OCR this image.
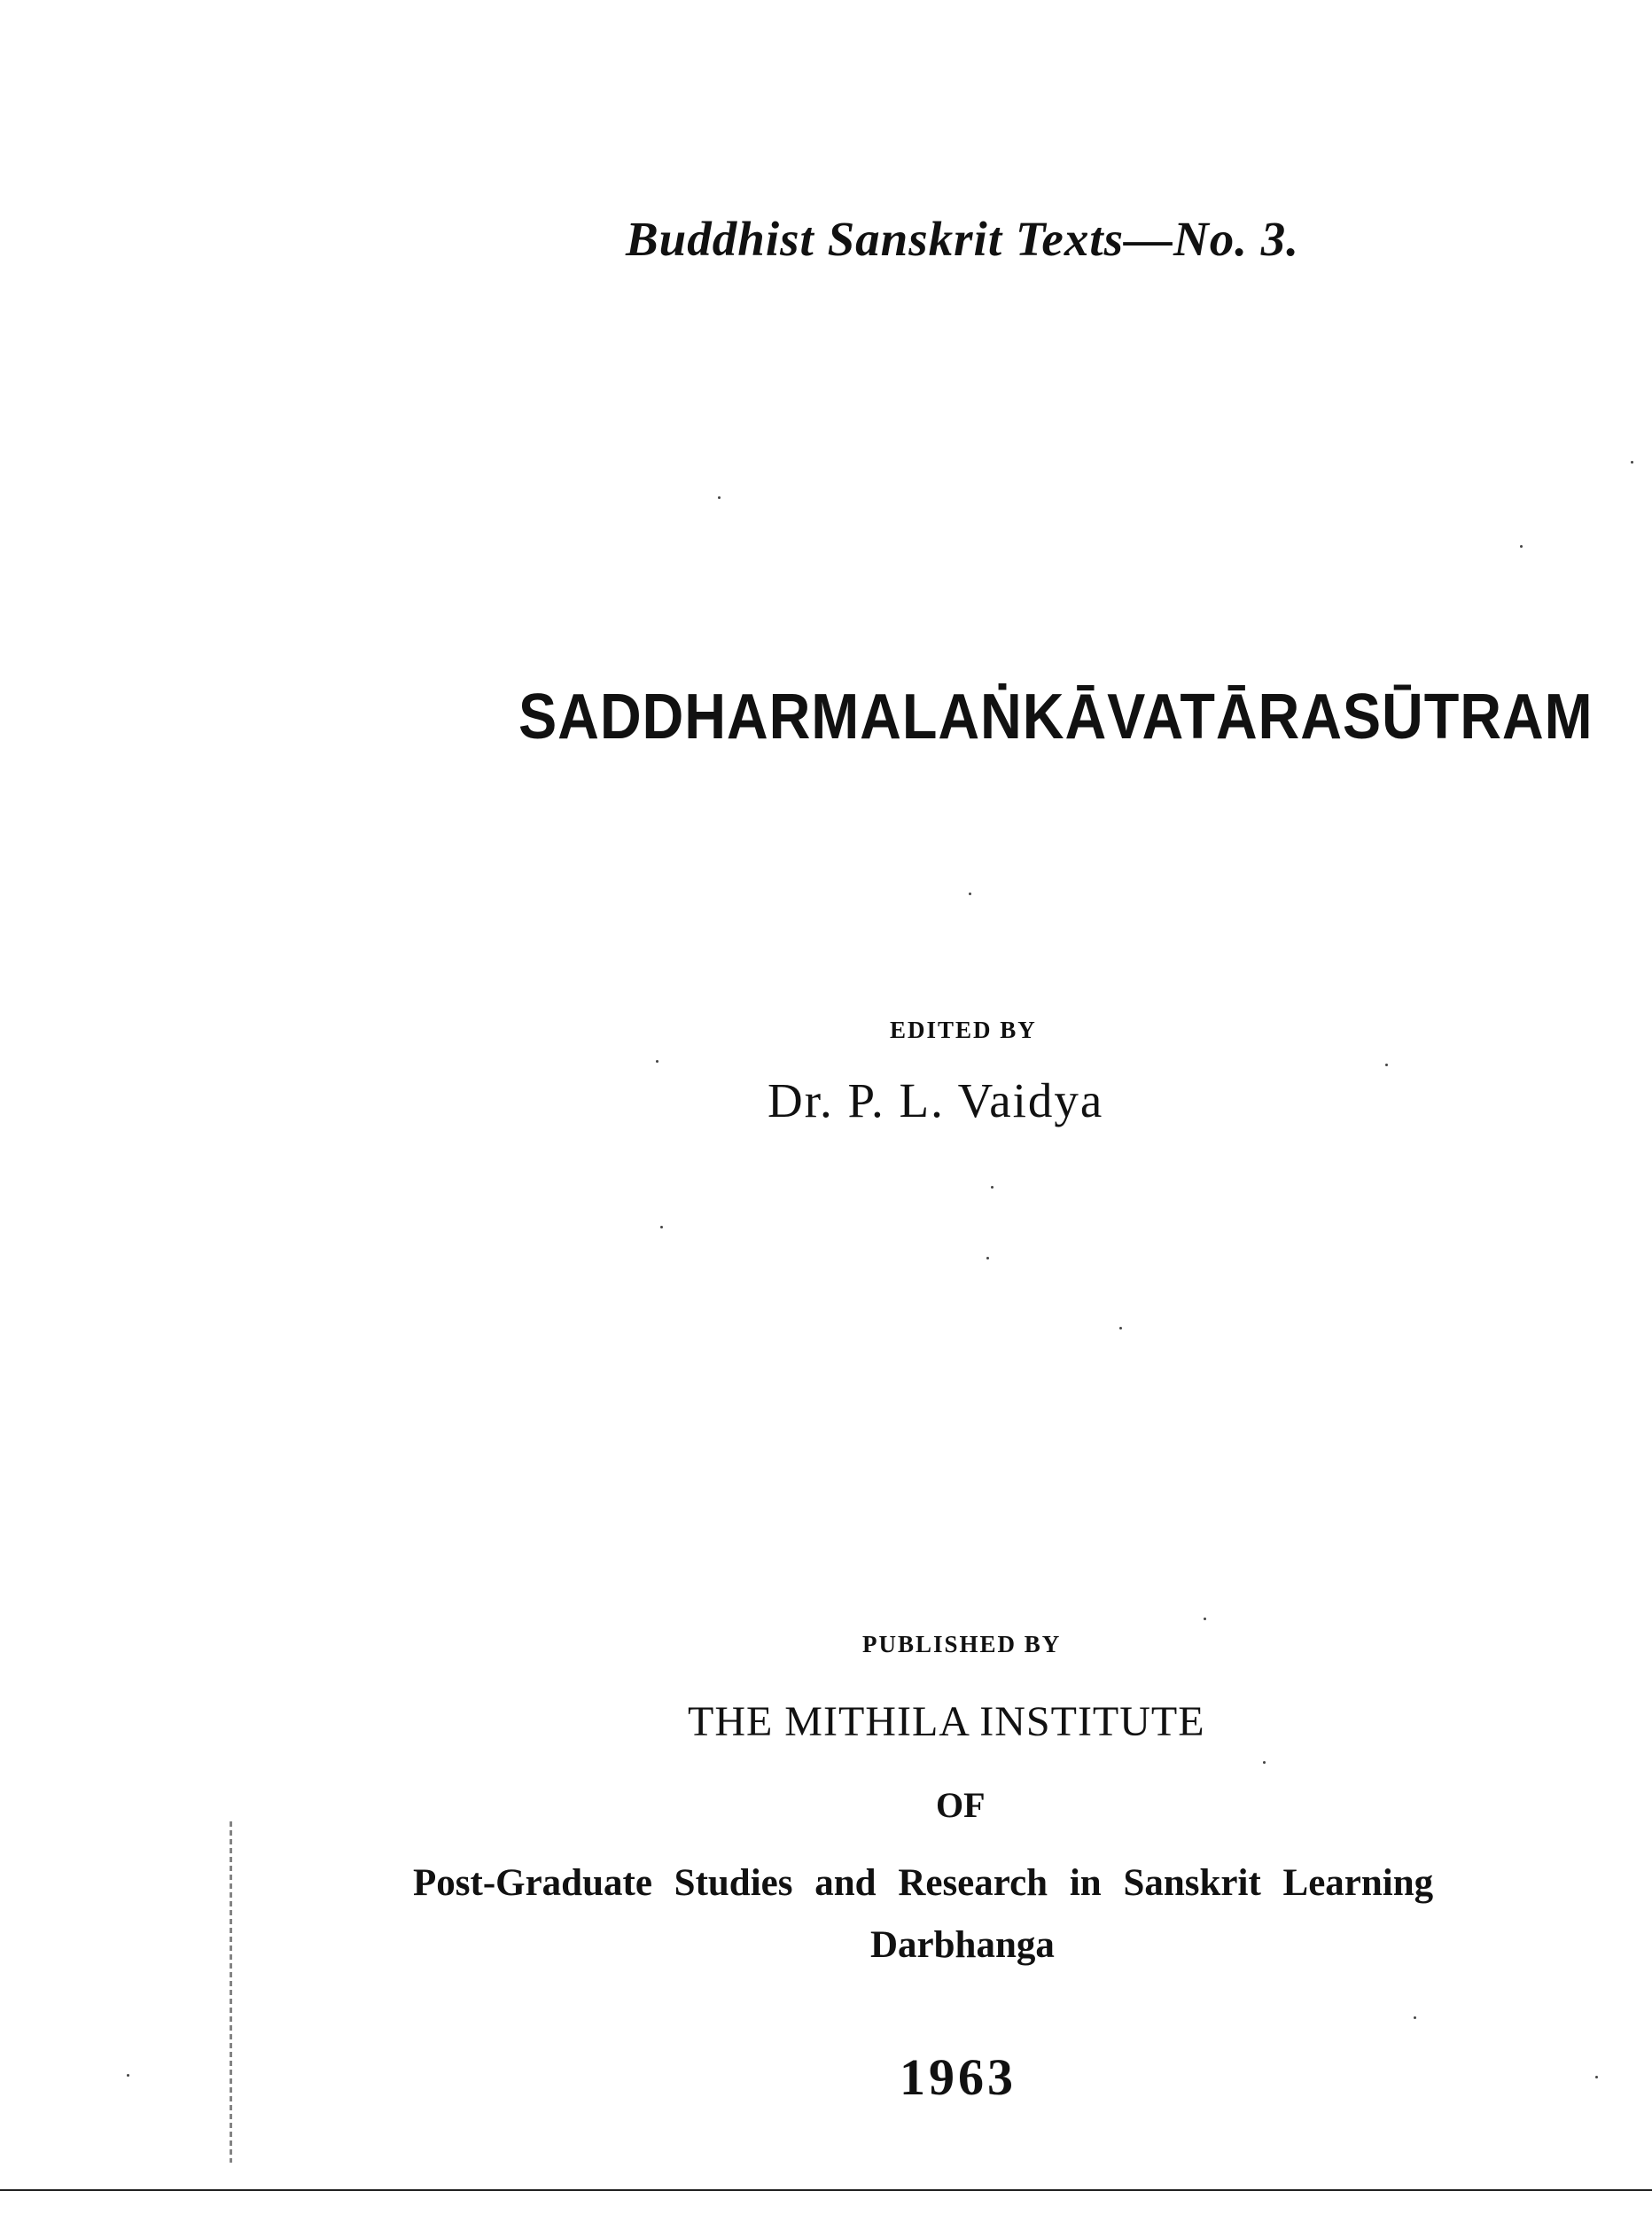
Buddhist Sanskrit Texts—No. 3.

SADDHARMALAṄKĀVATĀRASŪTRAM

EDITED BY

Dr. P. L. Vaidya

PUBLISHED BY

THE MITHILA INSTITUTE

OF

Post-Graduate Studies and Research in Sanskrit Learning

Darbhanga

1963
